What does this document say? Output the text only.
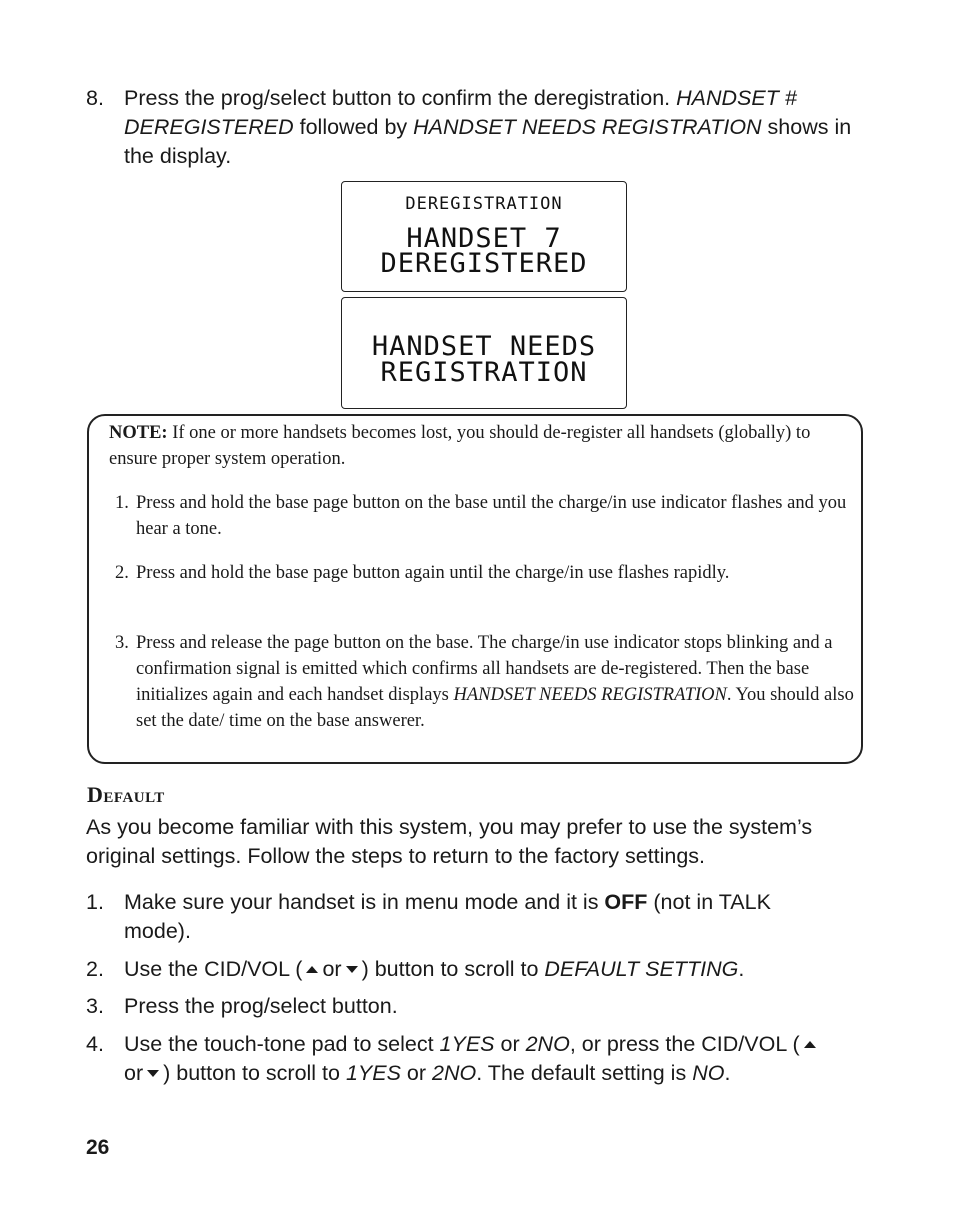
8. Press the prog/select button to confirm the deregistration. HANDSET # DEREGISTERED followed by HANDSET NEEDS REGISTRATION shows in the display.
DEREGISTRATION
HANDSET 7
DEREGISTERED
HANDSET NEEDS
REGISTRATION
NOTE: If one or more handsets becomes lost, you should de-register all handsets (globally) to ensure proper system operation.
1. Press and hold the base page button on the base until the charge/in use indicator flashes and you hear a tone.
2. Press and hold the base page button again until the charge/in use flashes rapidly.
3. Press and release the page button on the base. The charge/in use indicator stops blinking and a confirmation signal is emitted which confirms all handsets are de-registered. Then the base initializes again and each handset displays HANDSET NEEDS REGISTRATION. You should also set the date/ time on the base answerer.
Default
As you become familiar with this system, you may prefer to use the system’s original settings. Follow the steps to return to the factory settings.
1. Make sure your handset is in menu mode and it is OFF (not in TALK mode).
2. Use the CID/VOL ( or ) button to scroll to DEFAULT SETTING.
3. Press the prog/select button.
4. Use the touch-tone pad to select 1YES or 2NO, or press the CID/VOL (
or ) button to scroll to 1YES or 2NO. The default setting is NO.
26
